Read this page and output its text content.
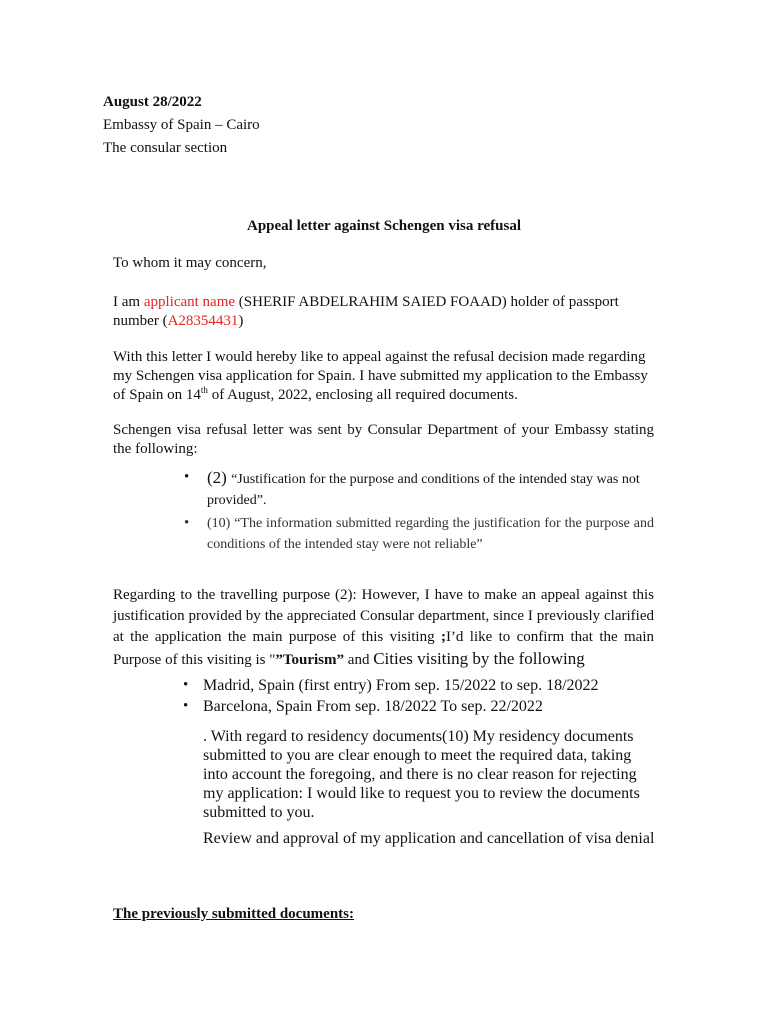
August 28/2022
Embassy of Spain – Cairo
The consular section
Appeal letter against Schengen visa refusal
To whom it may concern,
I am applicant name (SHERIF ABDELRAHIM SAIED FOAAD) holder of passport number (A28354431)
With this letter I would hereby like to appeal against the refusal decision made regarding my Schengen visa application for Spain. I have submitted my application to the Embassy of Spain on 14th of August, 2022, enclosing all required documents.
Schengen visa refusal letter was sent by Consular Department of your Embassy stating the following:
• (2) “Justification for the purpose and conditions of the intended stay was not provided”.
• (10) “The information submitted regarding the justification for the purpose and conditions of the intended stay were not reliable”
Regarding to the travelling purpose (2): However, I have to make an appeal against this justification provided by the appreciated Consular department, since I previously clarified at the application the main purpose of this visiting ;I’d like to confirm that the main Purpose of this visiting is "”Tourism” and Cities visiting by the following
• Madrid, Spain (first entry) From sep. 15/2022 to sep. 18/2022
• Barcelona, Spain From sep. 18/2022 To sep. 22/2022
. With regard to residency documents(10) My residency documents submitted to you are clear enough to meet the required data, taking into account the foregoing, and there is no clear reason for rejecting my application: I would like to request you to review the documents submitted to you.
Review and approval of my application and cancellation of visa denial
The previously submitted documents:
